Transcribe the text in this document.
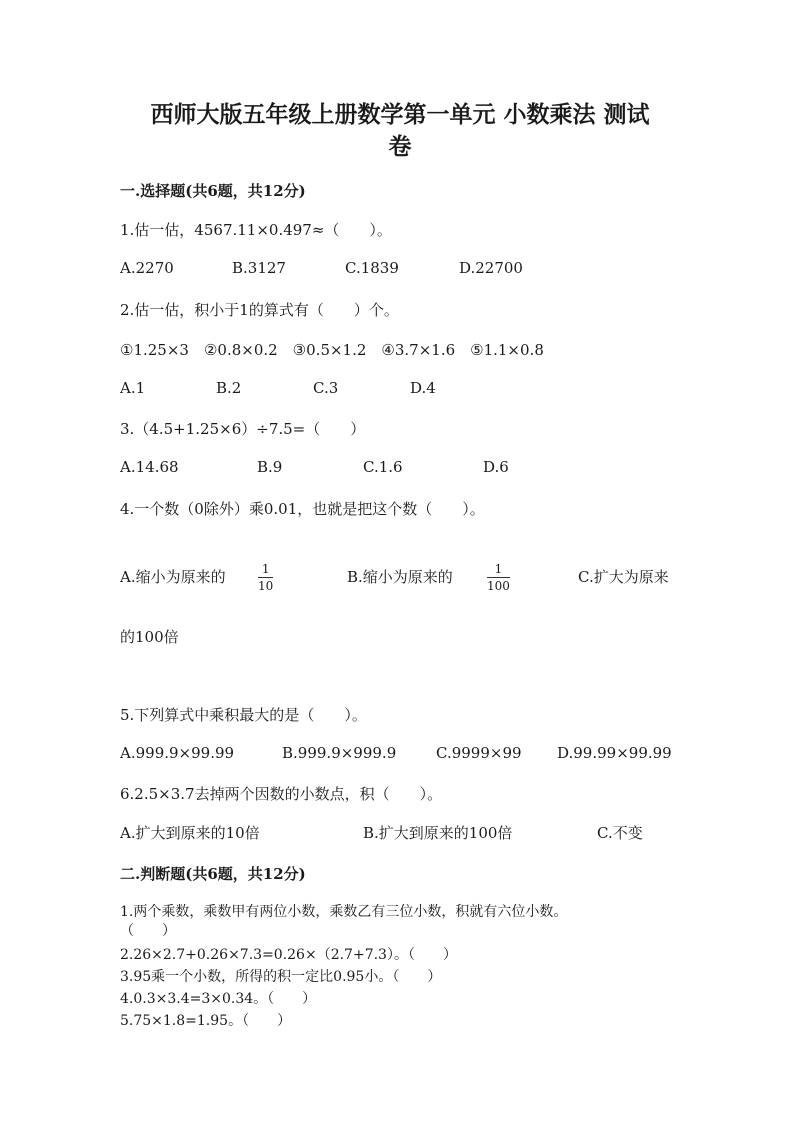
西师大版五年级上册数学第一单元 小数乘法 测试
卷
一.选择题(共6题，共12分)
1.估一估，4567.11×0.497≈（　　）。
A.2270	B.3127	C.1839	D.22700
2.估一估，积小于1的算式有（　　）个。
①1.25×3　②0.8×0.2　③0.5×1.2　④3.7×1.6　⑤1.1×0.8
A.1	B.2	C.3	D.4
3.（4.5+1.25×6）÷7.5=（　　）
A.14.68	B.9	C.1.6	D.6
4.一个数（0除外）乘0.01，也就是把这个数（　　）。
A.缩小为原来的	1
10	B.缩小为原来的	1
100	C.扩大为原来
的100倍
5.下列算式中乘积最大的是（　　）。
A.999.9×99.99	B.999.9×999.9	C.9999×99 D.99.99×99.99
6.2.5×3.7去掉两个因数的小数点，积（　　）。
A.扩大到原来的10倍	B.扩大到原来的100倍	C.不变
二.判断题(共6题，共12分)
1.两个乘数，乘数甲有两位小数，乘数乙有三位小数，积就有六位小数。
（　　）
2.26×2.7+0.26×7.3=0.26×（2.7+7.3）。（　　）
3.95乘一个小数，所得的积一定比0.95小。（　　）
4.0.3×3.4=3×0.34。（　　）
5.75×1.8=1.95。（　　）
